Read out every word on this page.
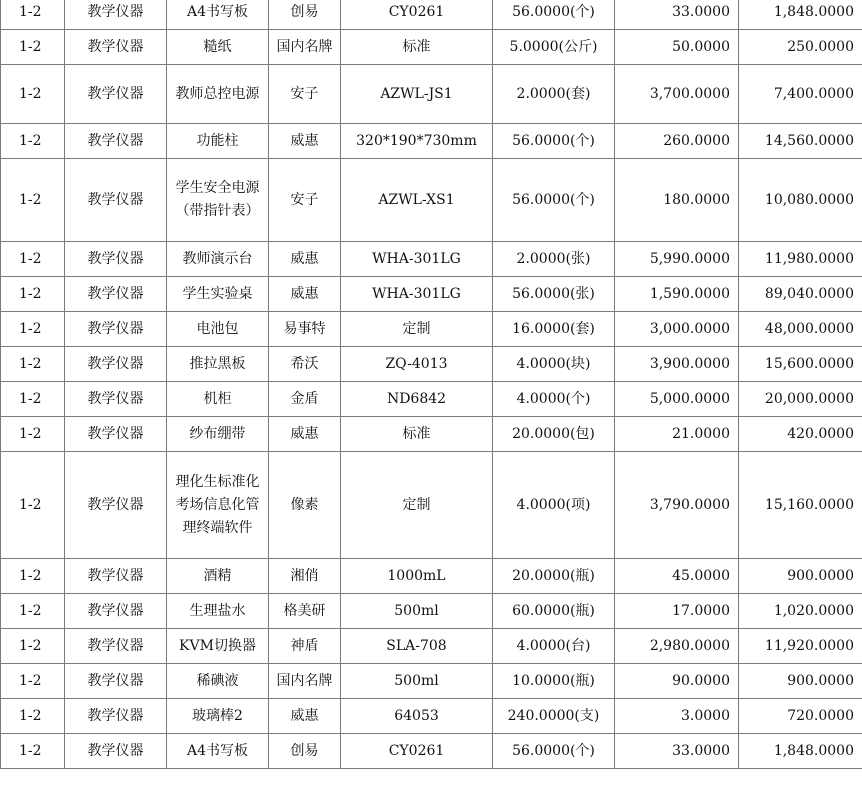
1-2	教学仪器	A4书写板	创易	CY0261	56.0000(个)	33.0000	1,848.0000
1-2	教学仪器	糙纸	国内名牌	标准	5.0000(公斤)	50.0000	250.0000
1-2	教学仪器	教师总控电源	安子	AZWL-JS1	2.0000(套)	3,700.0000	7,400.0000
1-2	教学仪器	功能柱	威惠	320*190*730mm	56.0000(个)	260.0000	14,560.0000
1-2	教学仪器	学生安全电源（带指针表）	安子	AZWL-XS1	56.0000(个)	180.0000	10,080.0000
1-2	教学仪器	教师演示台	威惠	WHA-301LG	2.0000(张)	5,990.0000	11,980.0000
1-2	教学仪器	学生实验桌	威惠	WHA-301LG	56.0000(张)	1,590.0000	89,040.0000
1-2	教学仪器	电池包	易事特	定制	16.0000(套)	3,000.0000	48,000.0000
1-2	教学仪器	推拉黑板	希沃	ZQ-4013	4.0000(块)	3,900.0000	15,600.0000
1-2	教学仪器	机柜	金盾	ND6842	4.0000(个)	5,000.0000	20,000.0000
1-2	教学仪器	纱布绷带	威惠	标准	20.0000(包)	21.0000	420.0000
1-2	教学仪器	理化生标准化考场信息化管理终端软件	像素	定制	4.0000(项)	3,790.0000	15,160.0000
1-2	教学仪器	酒精	湘俏	1000mL	20.0000(瓶)	45.0000	900.0000
1-2	教学仪器	生理盐水	格美研	500ml	60.0000(瓶)	17.0000	1,020.0000
1-2	教学仪器	KVM切换器	神盾	SLA-708	4.0000(台)	2,980.0000	11,920.0000
1-2	教学仪器	稀碘液	国内名牌	500ml	10.0000(瓶)	90.0000	900.0000
1-2	教学仪器	玻璃棒2	威惠	64053	240.0000(支)	3.0000	720.0000
1-2	教学仪器	A4书写板	创易	CY0261	56.0000(个)	33.0000	1,848.0000
